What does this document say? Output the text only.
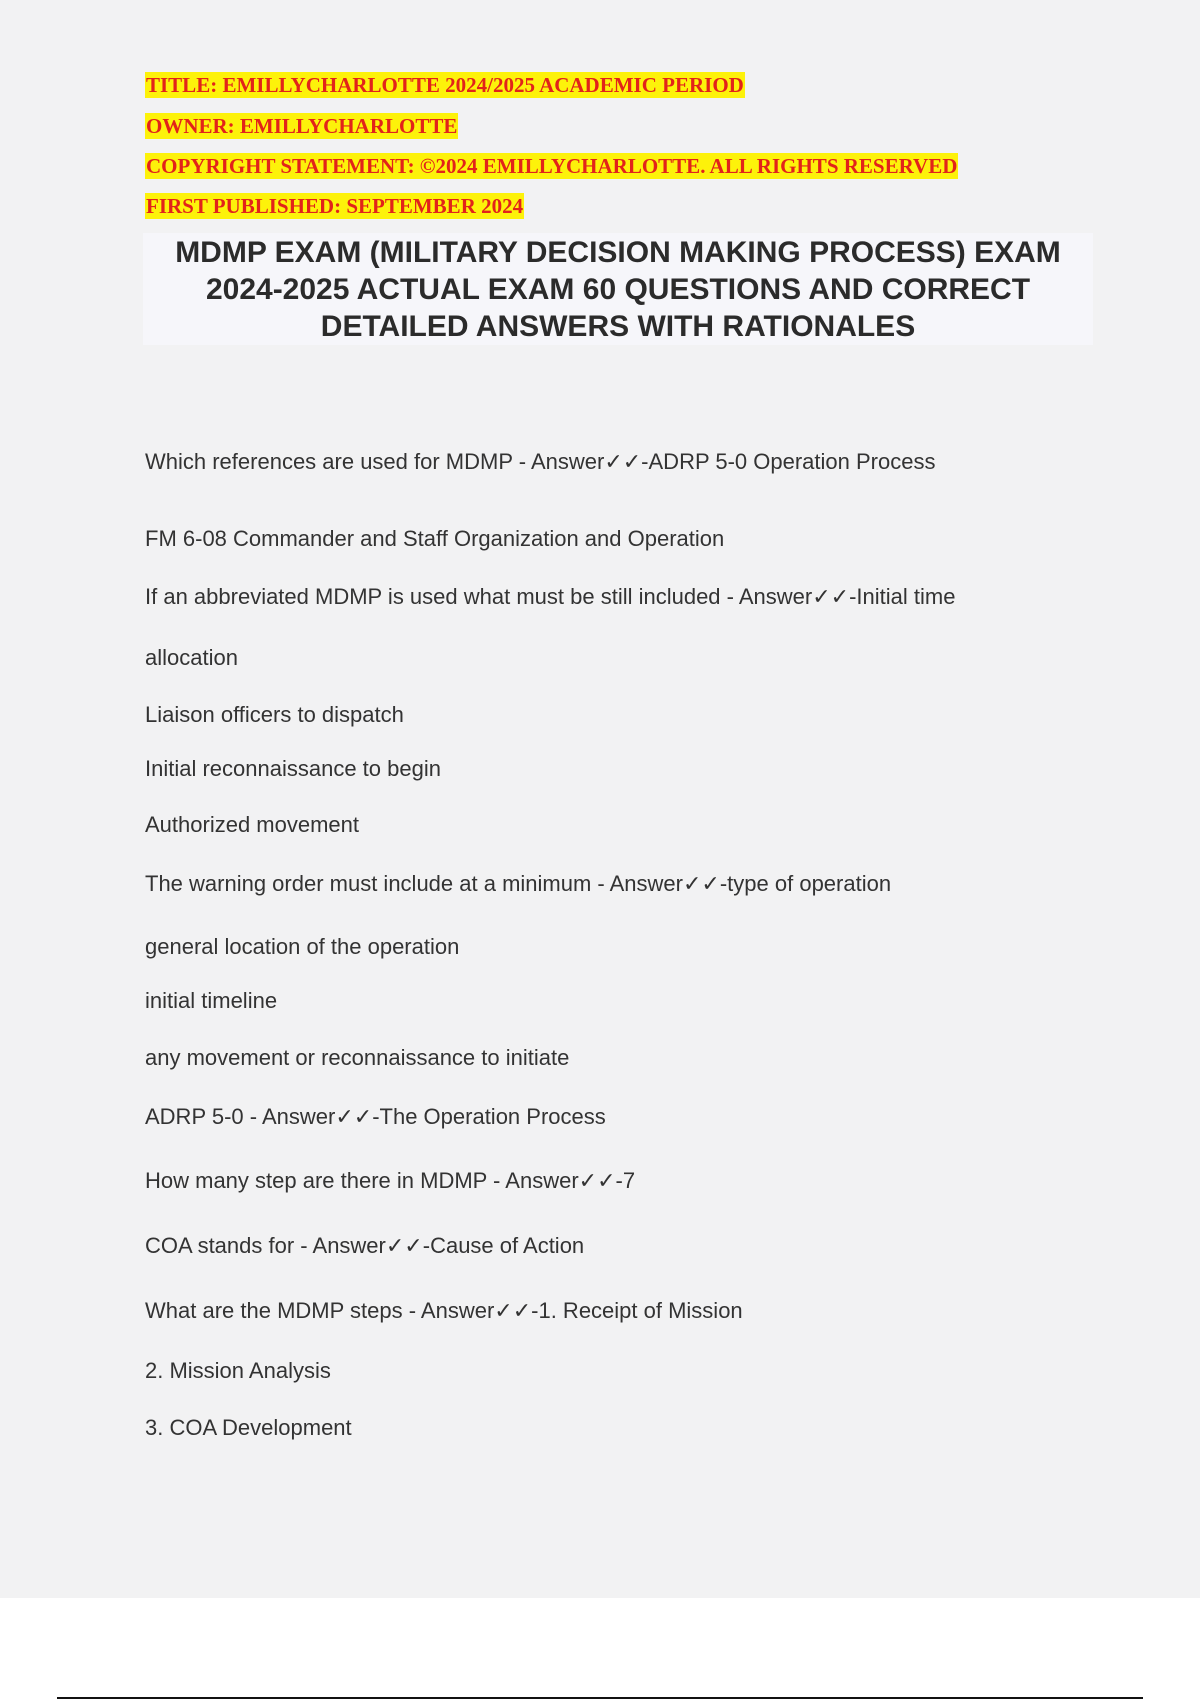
TITLE: EMILLYCHARLOTTE 2024/2025 ACADEMIC PERIOD

OWNER: EMILLYCHARLOTTE

COPYRIGHT STATEMENT: ©2024 EMILLYCHARLOTTE. ALL RIGHTS RESERVED

FIRST PUBLISHED: SEPTEMBER 2024

MDMP EXAM (MILITARY DECISION MAKING PROCESS) EXAM 2024-2025 ACTUAL EXAM 60 QUESTIONS AND CORRECT DETAILED ANSWERS WITH RATIONALES

Which references are used for MDMP - Answer✓✓-ADRP 5-0 Operation Process

FM 6-08 Commander and Staff Organization and Operation

If an abbreviated MDMP is used what must be still included - Answer✓✓-Initial time

allocation

Liaison officers to dispatch

Initial reconnaissance to begin

Authorized movement

The warning order must include at a minimum - Answer✓✓-type of operation

general location of the operation

initial timeline

any movement or reconnaissance to initiate

ADRP 5-0 - Answer✓✓-The Operation Process

How many step are there in MDMP - Answer✓✓-7

COA stands for - Answer✓✓-Cause of Action

What are the MDMP steps - Answer✓✓-1. Receipt of Mission

2. Mission Analysis

3. COA Development
